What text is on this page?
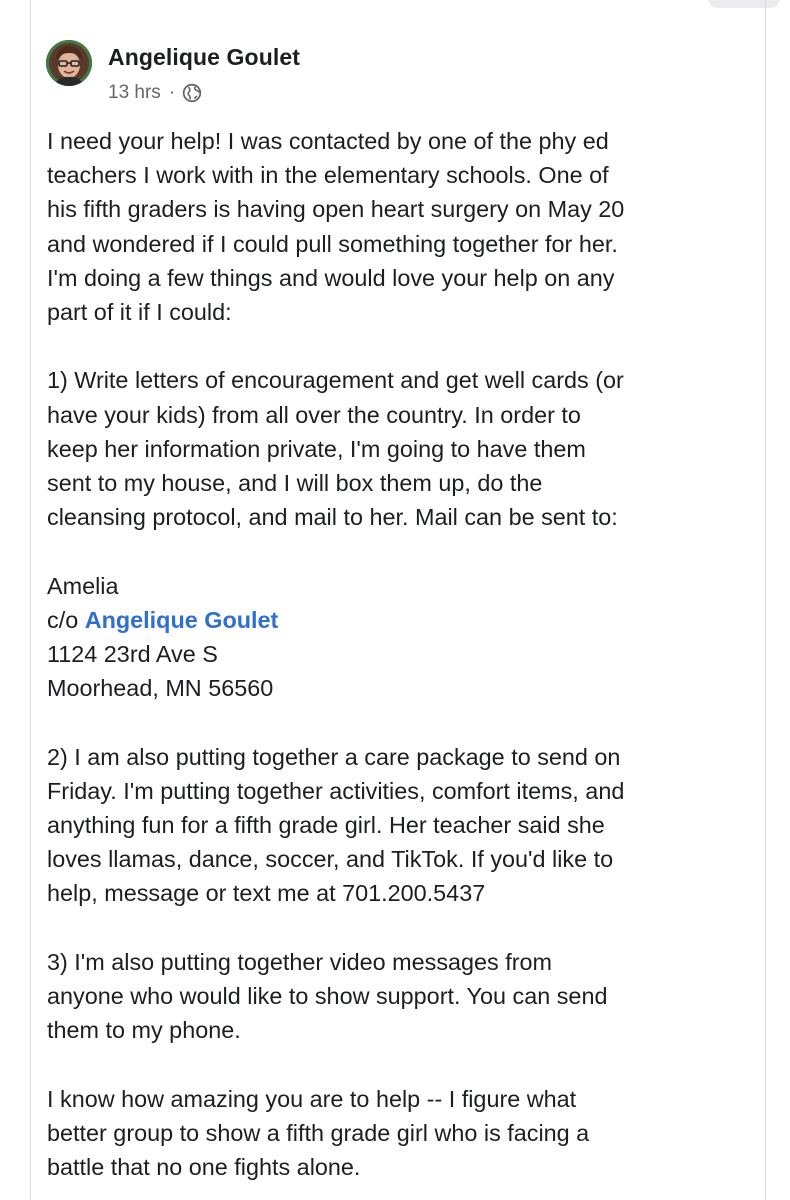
Angelique Goulet
13 hrs ·

I need your help! I was contacted by one of the phy ed
teachers I work with in the elementary schools. One of
his fifth graders is having open heart surgery on May 20
and wondered if I could pull something together for her.
I'm doing a few things and would love your help on any
part of it if I could:

1) Write letters of encouragement and get well cards (or
have your kids) from all over the country. In order to
keep her information private, I'm going to have them
sent to my house, and I will box them up, do the
cleansing protocol, and mail to her. Mail can be sent to:

Amelia
c/o Angelique Goulet
1124 23rd Ave S
Moorhead, MN 56560

2) I am also putting together a care package to send on
Friday. I'm putting together activities, comfort items, and
anything fun for a fifth grade girl. Her teacher said she
loves llamas, dance, soccer, and TikTok. If you'd like to
help, message or text me at 701.200.5437

3) I'm also putting together video messages from
anyone who would like to show support. You can send
them to my phone.

I know how amazing you are to help -- I figure what
better group to show a fifth grade girl who is facing a
battle that no one fights alone.
